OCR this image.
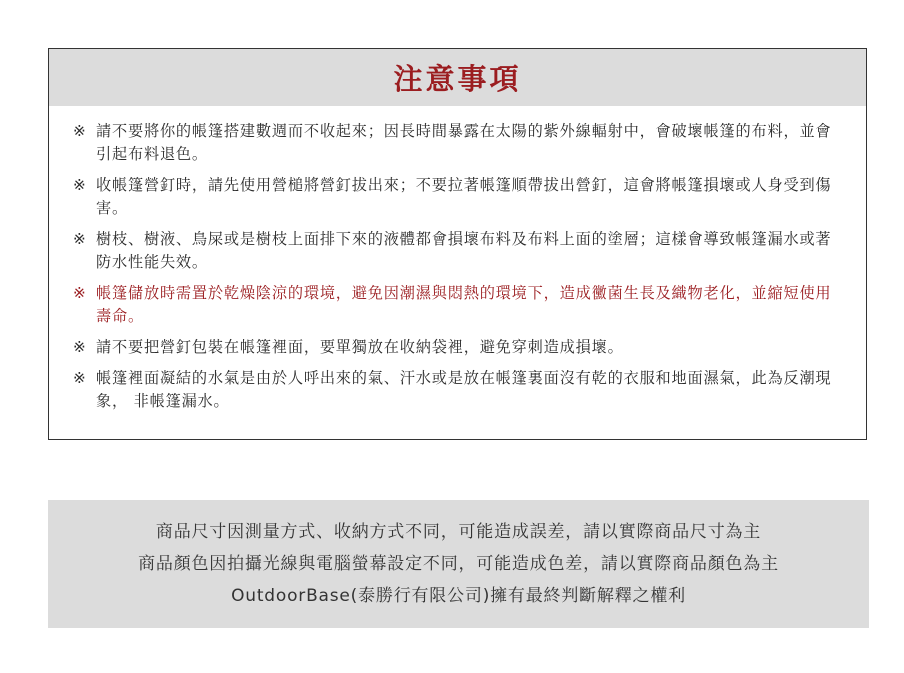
注意事項
※ 請不要將你的帳篷搭建數週而不收起來；因長時間暴露在太陽的紫外線輻射中，會破壞帳篷的布料，並會引起布料退色。
※ 收帳篷營釘時，請先使用營槌將營釘拔出來；不要拉著帳篷順帶拔出營釘，這會將帳篷損壞或人身受到傷害。
※ 樹枝、樹液、鳥屎或是樹枝上面排下來的液體都會損壞布料及布料上面的塗層；這樣會導致帳篷漏水或著防水性能失效。
※ 帳篷儲放時需置於乾燥陰涼的環境，避免因潮濕與悶熱的環境下，造成黴菌生長及織物老化，並縮短使用壽命。
※ 請不要把營釘包裝在帳篷裡面，要單獨放在收納袋裡，避免穿刺造成損壞。
※ 帳篷裡面凝結的水氣是由於人呼出來的氣、汗水或是放在帳篷裏面沒有乾的衣服和地面濕氣，此為反潮現象， 非帳篷漏水。
商品尺寸因測量方式、收納方式不同，可能造成誤差，請以實際商品尺寸為主
商品顏色因拍攝光線與電腦螢幕設定不同，可能造成色差，請以實際商品顏色為主
OutdoorBase(泰勝行有限公司)擁有最終判斷解釋之權利
